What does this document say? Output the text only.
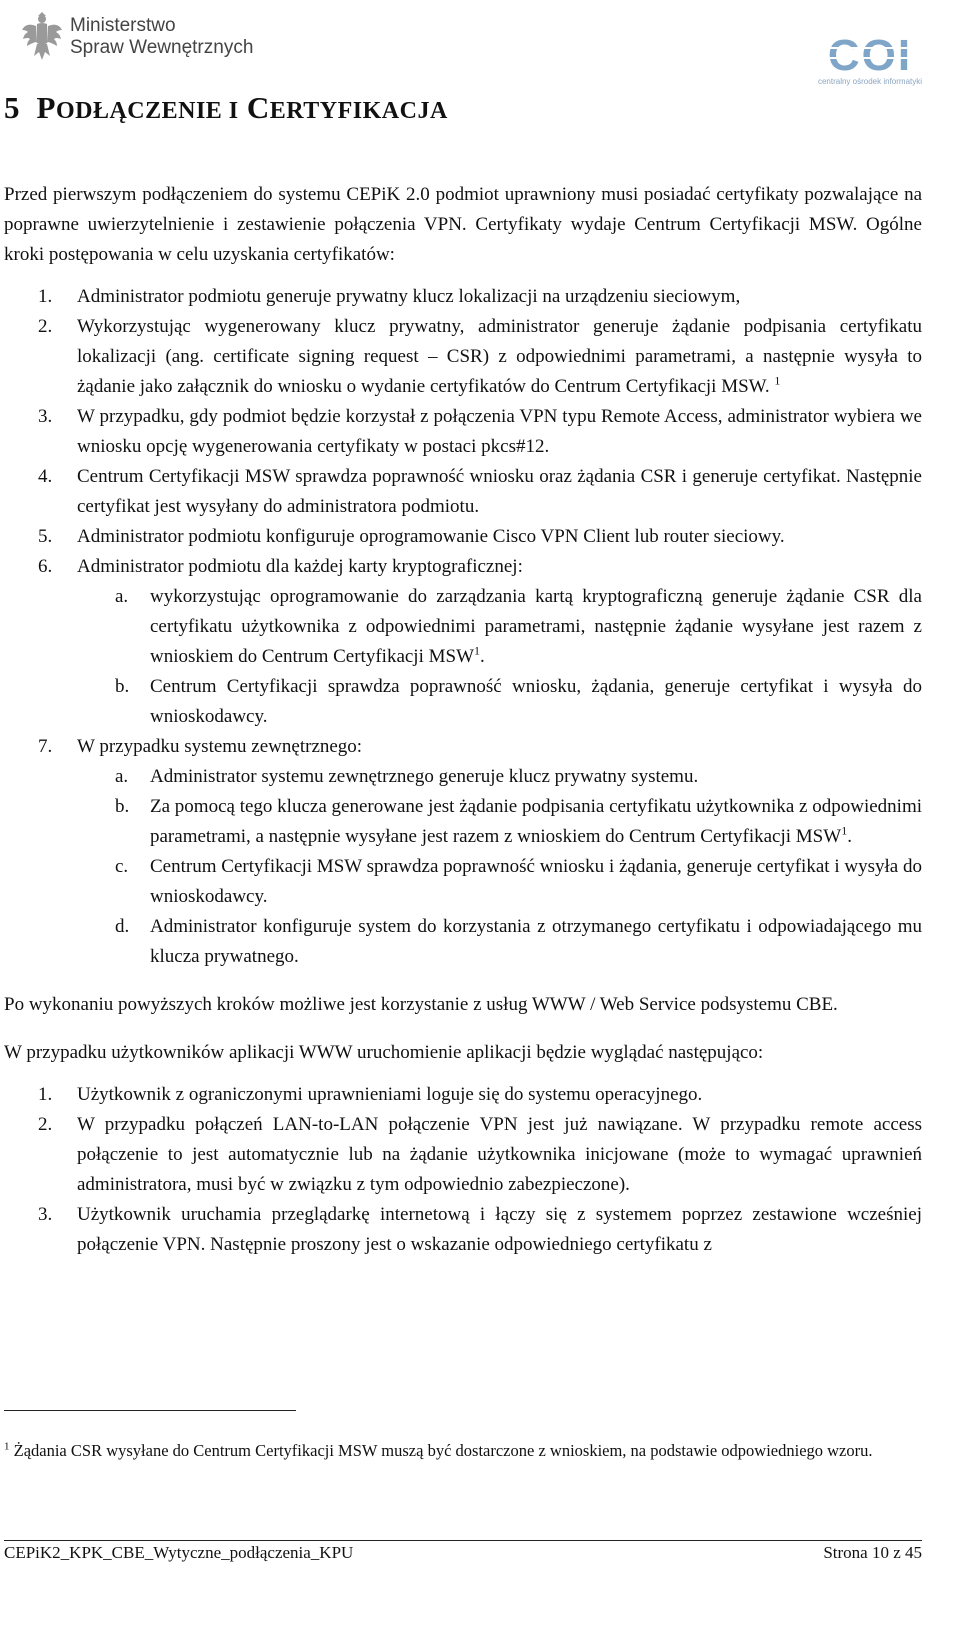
Ministerstwo
Spraw Wewnętrznych	COI
centralny ośrodek informatyki
5 PODŁĄCZENIE I CERTYFIKACJA

Przed pierwszym podłączeniem do systemu CEPiK 2.0 podmiot uprawniony musi posiadać certyfikaty pozwalające na poprawne uwierzytelnienie i zestawienie połączenia VPN. Certyfikaty wydaje Centrum Certyfikacji MSW. Ogólne kroki postępowania w celu uzyskania certyfikatów:

1. Administrator podmiotu generuje prywatny klucz lokalizacji na urządzeniu sieciowym,
2. Wykorzystując wygenerowany klucz prywatny, administrator generuje żądanie podpisania certyfikatu lokalizacji (ang. certificate signing request – CSR) z odpowiednimi parametrami, a następnie wysyła to żądanie jako załącznik do wniosku o wydanie certyfikatów do Centrum Certyfikacji MSW. $^1$
3. W przypadku, gdy podmiot będzie korzystał z połączenia VPN typu Remote Access, administrator wybiera we wniosku opcję wygenerowania certyfikaty w postaci pkcs#12.
4. Centrum Certyfikacji MSW sprawdza poprawność wniosku oraz żądania CSR i generuje certyfikat. Następnie certyfikat jest wysyłany do administratora podmiotu.
5. Administrator podmiotu konfiguruje oprogramowanie Cisco VPN Client lub router sieciowy.
6. Administrator podmiotu dla każdej karty kryptograficznej:
a. wykorzystując oprogramowanie do zarządzania kartą kryptograficzną generuje żądanie CSR dla certyfikatu użytkownika z odpowiednimi parametrami, następnie żądanie wysyłane jest razem z wnioskiem do Centrum Certyfikacji MSW$^1$.
b. Centrum Certyfikacji sprawdza poprawność wniosku, żądania, generuje certyfikat i wysyła do wnioskodawcy.
7. W przypadku systemu zewnętrznego:
a. Administrator systemu zewnętrznego generuje klucz prywatny systemu.
b. Za pomocą tego klucza generowane jest żądanie podpisania certyfikatu użytkownika z odpowiednimi parametrami, a następnie wysyłane jest razem z wnioskiem do Centrum Certyfikacji MSW$^1$.
c. Centrum Certyfikacji MSW sprawdza poprawność wniosku i żądania, generuje certyfikat i wysyła do wnioskodawcy.
d. Administrator konfiguruje system do korzystania z otrzymanego certyfikatu i odpowiadającego mu klucza prywatnego.

Po wykonaniu powyższych kroków możliwe jest korzystanie z usług WWW / Web Service podsystemu CBE.

W przypadku użytkowników aplikacji WWW uruchomienie aplikacji będzie wyglądać następująco:

1. Użytkownik z ograniczonymi uprawnieniami loguje się do systemu operacyjnego.
2. W przypadku połączeń LAN-to-LAN połączenie VPN jest już nawiązane. W przypadku remote access połączenie to jest automatycznie lub na żądanie użytkownika inicjowane (może to wymagać uprawnień administratora, musi być w związku z tym odpowiednio zabezpieczone).
3. Użytkownik uruchamia przeglądarkę internetową i łączy się z systemem poprzez zestawione wcześniej połączenie VPN. Następnie proszony jest o wskazanie odpowiedniego certyfikatu z
$^1$ Żądania CSR wysyłane do Centrum Certyfikacji MSW muszą być dostarczone z wnioskiem, na podstawie odpowiedniego wzoru.
CEPiK2_KPK_CBE_Wytyczne_podłączenia_KPU	Strona 10 z 45
